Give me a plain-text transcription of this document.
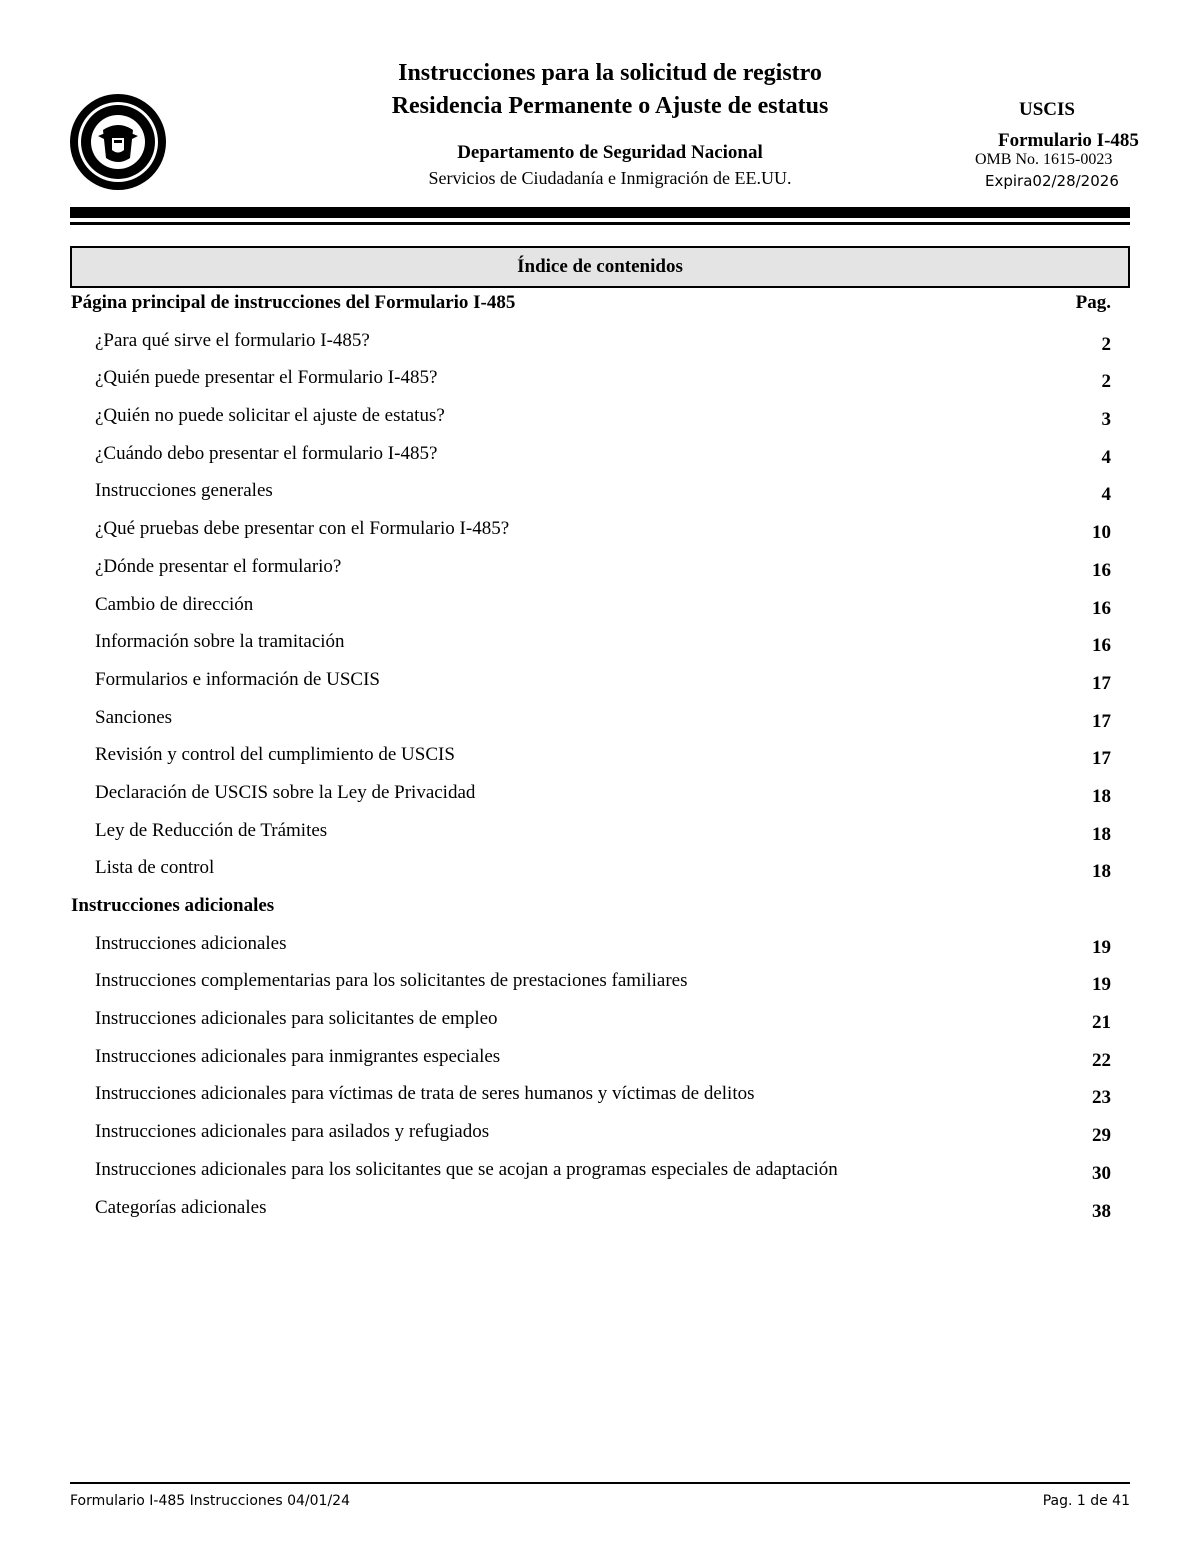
Instrucciones para la solicitud de registro
Residencia Permanente o Ajuste de estatus
Departamento de Seguridad Nacional
Servicios de Ciudadanía e Inmigración de EE.UU.
USCIS
Formulario I-485
OMB No. 1615-0023
Expira02/28/2026
Índice de contenidos
Página principal de instrucciones del Formulario I-485	Pag.
¿Para qué sirve el formulario I-485?	2
¿Quién puede presentar el Formulario I-485?	2
¿Quién no puede solicitar el ajuste de estatus?	3
¿Cuándo debo presentar el formulario I-485?	4
Instrucciones generales	4
¿Qué pruebas debe presentar con el Formulario I-485?	10
¿Dónde presentar el formulario?	16
Cambio de dirección	16
Información sobre la tramitación	16
Formularios e información de USCIS	17
Sanciones	17
Revisión y control del cumplimiento de USCIS	17
Declaración de USCIS sobre la Ley de Privacidad	18
Ley de Reducción de Trámites	18
Lista de control	18
Instrucciones adicionales
Instrucciones adicionales	19
Instrucciones complementarias para los solicitantes de prestaciones familiares	19
Instrucciones adicionales para solicitantes de empleo	21
Instrucciones adicionales para inmigrantes especiales	22
Instrucciones adicionales para víctimas de trata de seres humanos y víctimas de delitos	23
Instrucciones adicionales para asilados y refugiados	29
Instrucciones adicionales para los solicitantes que se acojan a programas especiales de adaptación	30
Categorías adicionales	38
Formulario I-485 Instrucciones 04/01/24	Pag. 1 de 41
